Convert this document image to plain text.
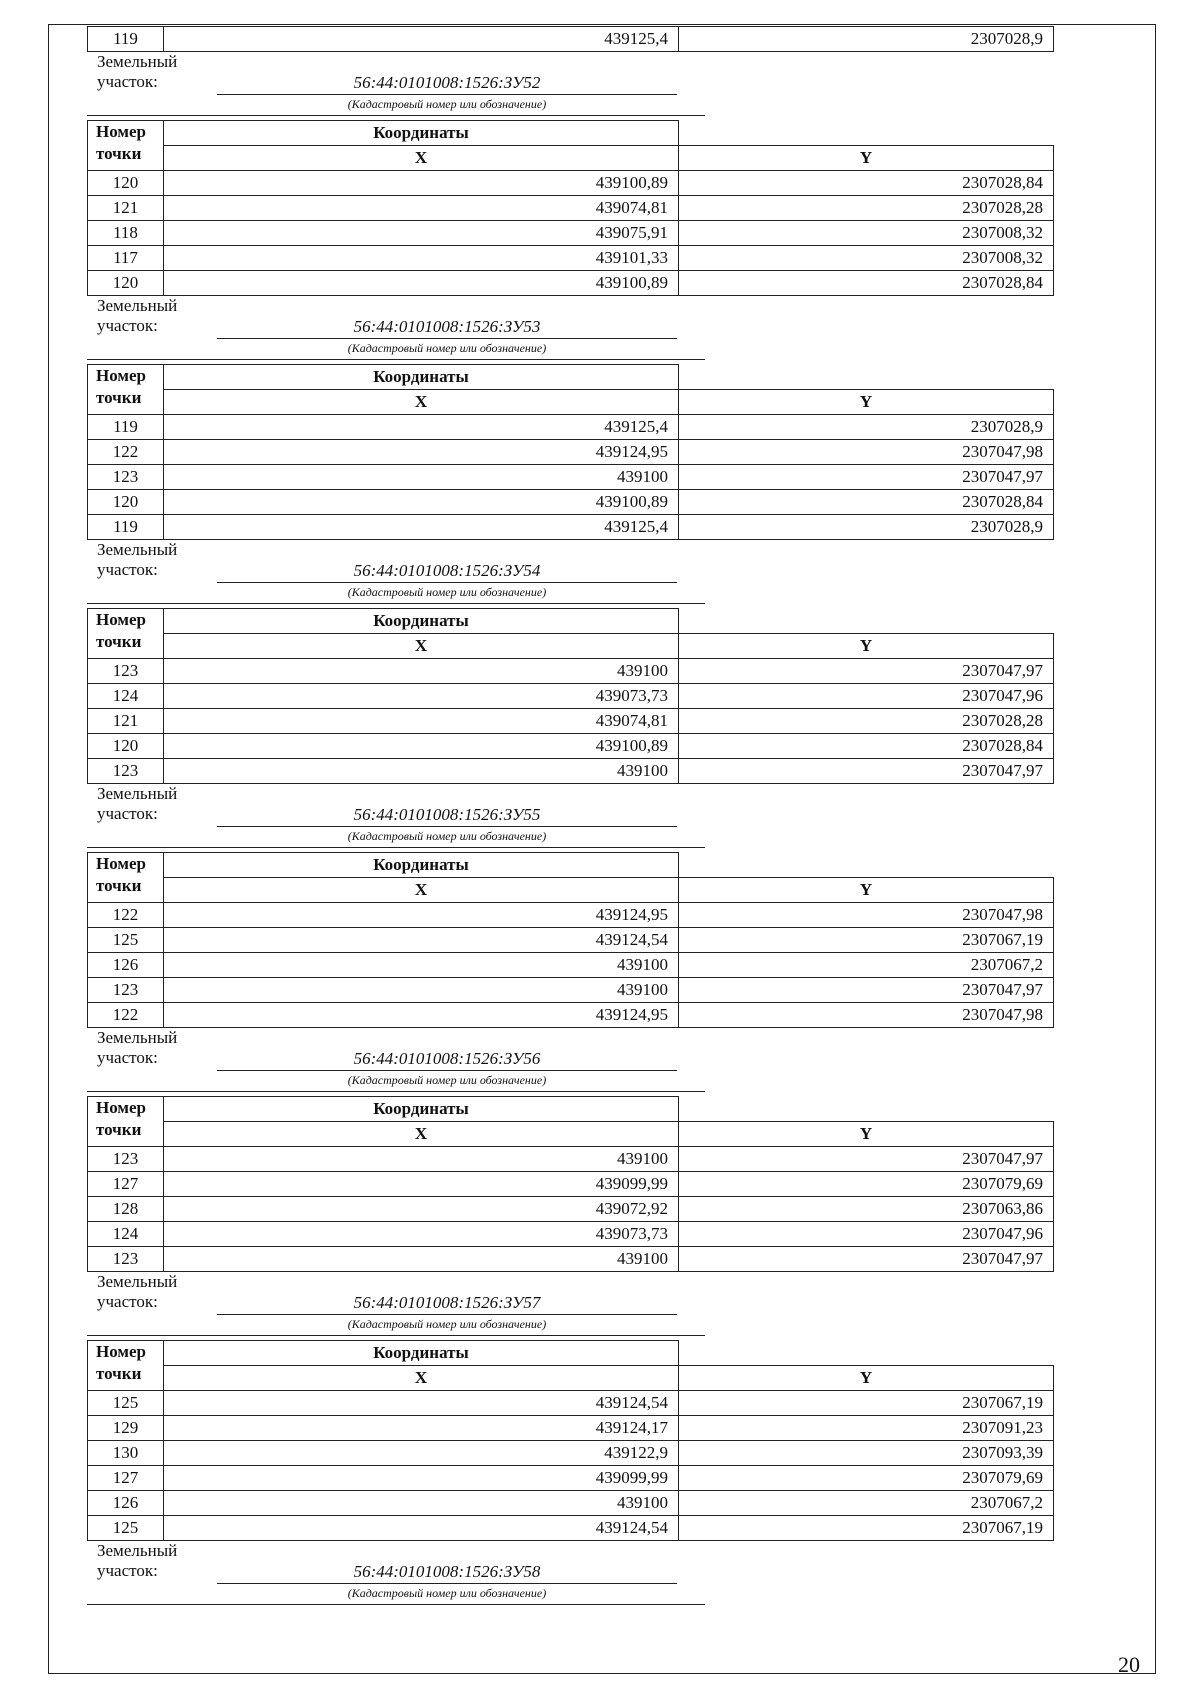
119	439125,4	2307028,9
Земельный
участок:	56:44:0101008:1526:ЗУ52
(Кадастровый номер или обозначение)
Номер
точки	Координаты	
	X	Y
120	439100,89	2307028,84
121	439074,81	2307028,28
118	439075,91	2307008,32
117	439101,33	2307008,32
120	439100,89	2307028,84
Земельный
участок:	56:44:0101008:1526:ЗУ53
(Кадастровый номер или обозначение)
Номер
точки	Координаты	
	X	Y
119	439125,4	2307028,9
122	439124,95	2307047,98
123	439100	2307047,97
120	439100,89	2307028,84
119	439125,4	2307028,9
Земельный
участок:	56:44:0101008:1526:ЗУ54
(Кадастровый номер или обозначение)
Номер
точки	Координаты	
	X	Y
123	439100	2307047,97
124	439073,73	2307047,96
121	439074,81	2307028,28
120	439100,89	2307028,84
123	439100	2307047,97
Земельный
участок:	56:44:0101008:1526:ЗУ55
(Кадастровый номер или обозначение)
Номер
точки	Координаты	
	X	Y
122	439124,95	2307047,98
125	439124,54	2307067,19
126	439100	2307067,2
123	439100	2307047,97
122	439124,95	2307047,98
Земельный
участок:	56:44:0101008:1526:ЗУ56
(Кадастровый номер или обозначение)
Номер
точки	Координаты	
	X	Y
123	439100	2307047,97
127	439099,99	2307079,69
128	439072,92	2307063,86
124	439073,73	2307047,96
123	439100	2307047,97
Земельный
участок:	56:44:0101008:1526:ЗУ57
(Кадастровый номер или обозначение)
Номер
точки	Координаты	
	X	Y
125	439124,54	2307067,19
129	439124,17	2307091,23
130	439122,9	2307093,39
127	439099,99	2307079,69
126	439100	2307067,2
125	439124,54	2307067,19
Земельный
участок:	56:44:0101008:1526:ЗУ58
(Кадастровый номер или обозначение)
20
